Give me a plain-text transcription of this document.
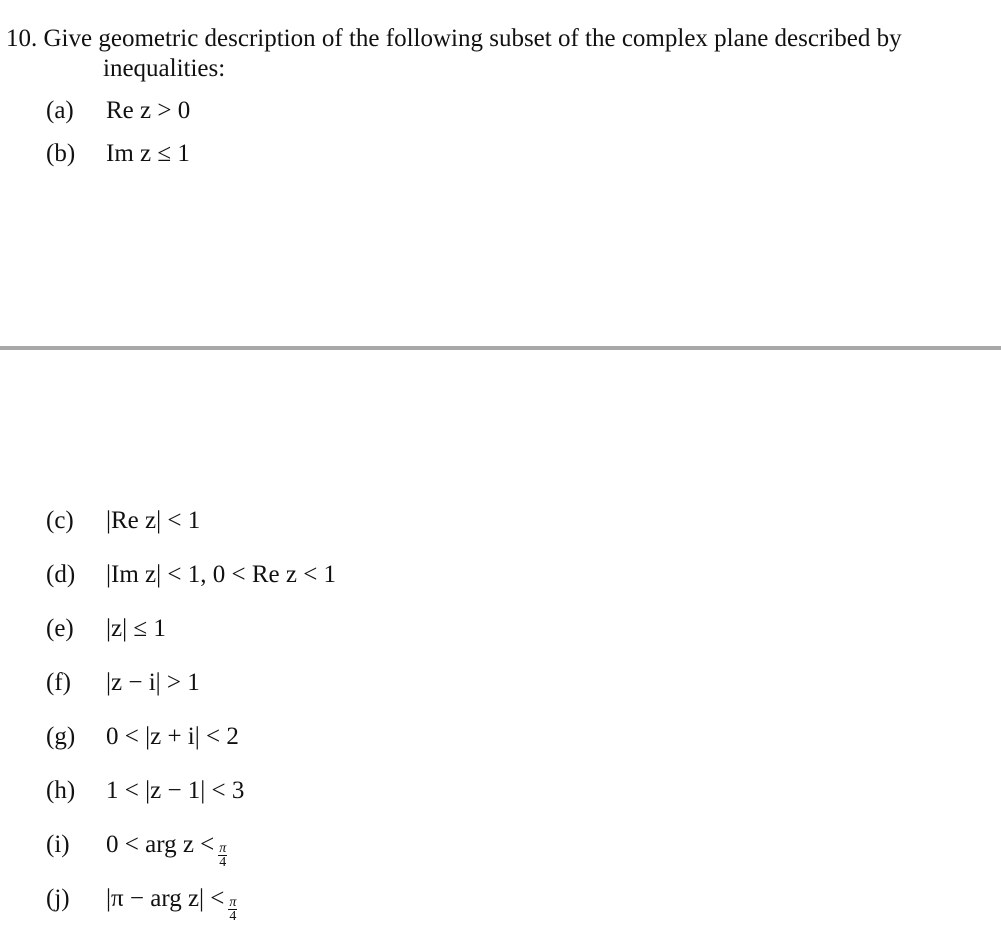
10. Give geometric description of the following subset of the complex plane described by
inequalities:
(a)	Re z > 0
(b)	Im z ≤ 1
(c)	|Re z| < 1
(d)	|Im z| < 1, 0 < Re z < 1
(e)	|z| ≤ 1
(f)	|z − i| > 1
(g)	0 < |z + i| < 2
(h)	1 < |z − 1| < 3
(i)	0 < arg $z < \frac{\pi}{4}$
(j)	|π − arg $z| < \frac{\pi}{4}$
